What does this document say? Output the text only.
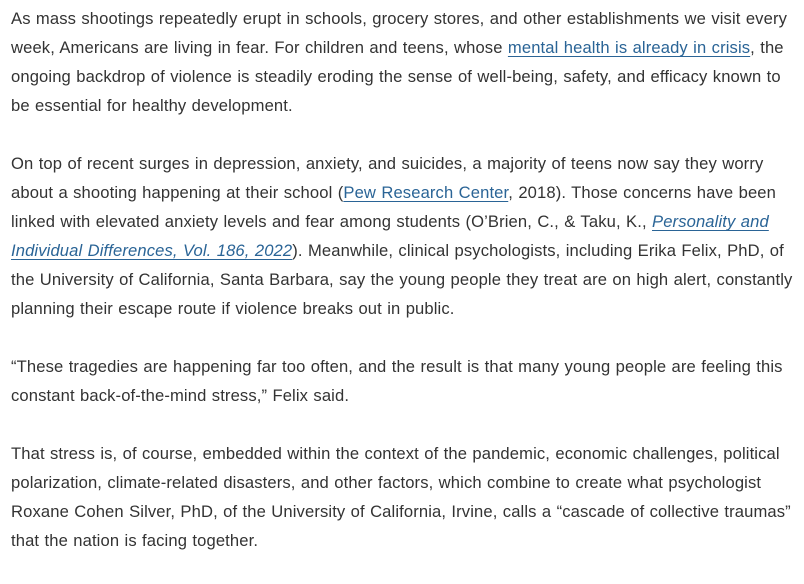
As mass shootings repeatedly erupt in schools, grocery stores, and other establishments we visit every week, Americans are living in fear. For children and teens, whose mental health is already in crisis, the ongoing backdrop of violence is steadily eroding the sense of well-being, safety, and efficacy known to be essential for healthy development.

On top of recent surges in depression, anxiety, and suicides, a majority of teens now say they worry about a shooting happening at their school (Pew Research Center, 2018). Those concerns have been linked with elevated anxiety levels and fear among students (O’Brien, C., & Taku, K., Personality and Individual Differences, Vol. 186, 2022). Meanwhile, clinical psychologists, including Erika Felix, PhD, of the University of California, Santa Barbara, say the young people they treat are on high alert, constantly planning their escape route if violence breaks out in public.

“These tragedies are happening far too often, and the result is that many young people are feeling this constant back-of-the-mind stress,” Felix said.

That stress is, of course, embedded within the context of the pandemic, economic challenges, political polarization, climate-related disasters, and other factors, which combine to create what psychologist Roxane Cohen Silver, PhD, of the University of California, Irvine, calls a “cascade of collective traumas” that the nation is facing together.
